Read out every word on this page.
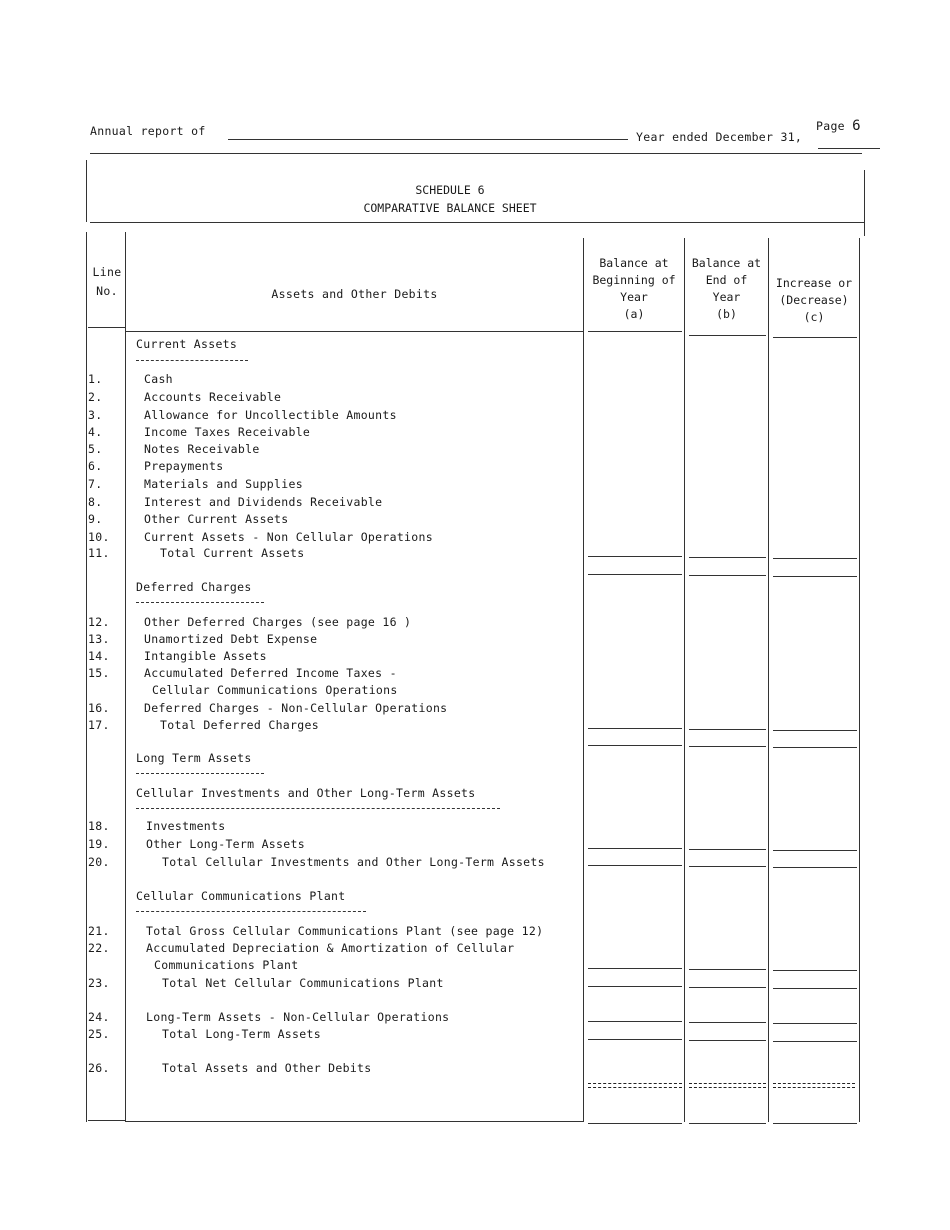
Page 6
Annual report of	Year ended December 31,
SCHEDULE 6
COMPARATIVE BALANCE SHEET
Line
No.	Assets and Other Debits
Balance at
Beginning of
Year
(a)
Balance at
End of
Year
(b)
Increase or
(Decrease)
(c)
Current Assets
1.	Cash
2.	Accounts Receivable
3.	Allowance for Uncollectible Amounts
4.	Income Taxes Receivable
5.	Notes Receivable
6.	Prepayments
7.	Materials and Supplies
8.	Interest and Dividends Receivable
9.	Other Current Assets
10.	Current Assets - Non Cellular Operations
11.	Total Current Assets
Deferred Charges
12.	Other Deferred Charges (see page 16 )
13.	Unamortized Debt Expense
14.	Intangible Assets
15.	Accumulated Deferred Income Taxes -
Cellular Communications Operations
16.	Deferred Charges - Non-Cellular Operations
17.	Total Deferred Charges
Long Term Assets
Cellular Investments and Other Long-Term Assets
18.	Investments
19.	Other Long-Term Assets
20.	Total Cellular Investments and Other Long-Term Assets
Cellular Communications Plant
21.	Total Gross Cellular Communications Plant (see page 12)
22.	Accumulated Depreciation & Amortization of Cellular
Communications Plant
23.	Total Net Cellular Communications Plant
24.	Long-Term Assets - Non-Cellular Operations
25.	Total Long-Term Assets
26.	Total Assets and Other Debits
